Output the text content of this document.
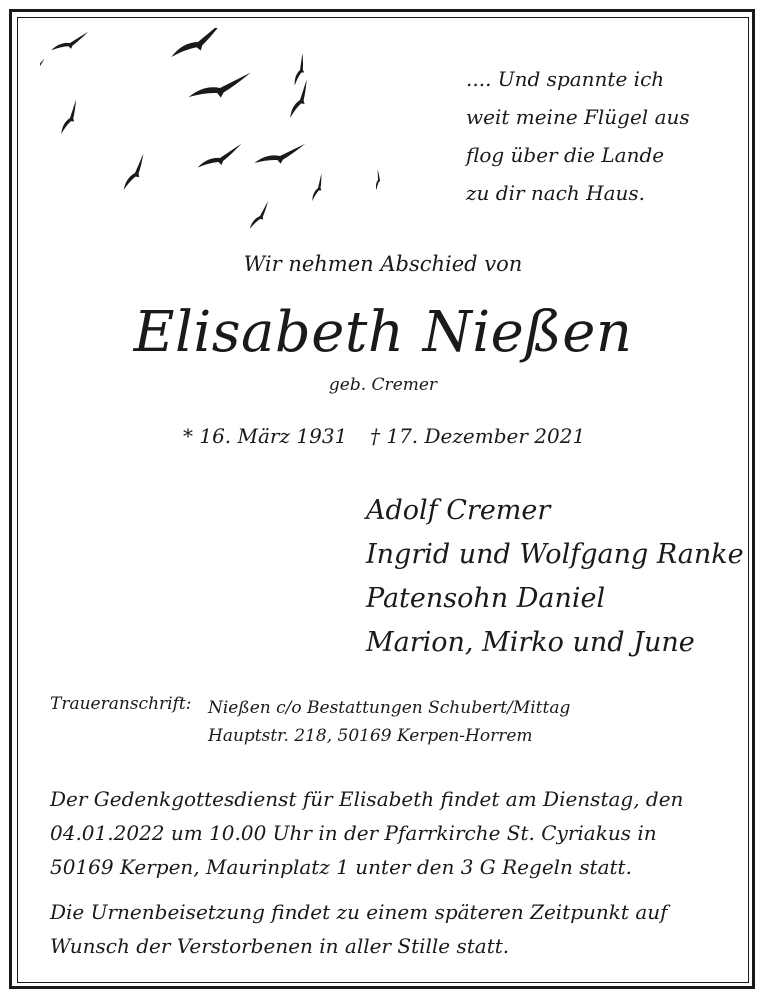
.... Und spannte ich
weit meine Flügel aus
flog über die Lande
zu dir nach Haus.
Wir nehmen Abschied von
Elisabeth Nießen
geb. Cremer
* 16. März 1931 † 17. Dezember 2021
Adolf Cremer
Ingrid und Wolfgang Ranke
Patensohn Daniel
Marion, Mirko und June
Traueranschrift: Nießen c/o Bestattungen Schubert/Mittag
Hauptstr. 218, 50169 Kerpen-Horrem
Der Gedenkgottesdienst für Elisabeth findet am Dienstag, den
04.01.2022 um 10.00 Uhr in der Pfarrkirche St. Cyriakus in
50169 Kerpen, Maurinplatz 1 unter den 3 G Regeln statt.
Die Urnenbeisetzung findet zu einem späteren Zeitpunkt auf
Wunsch der Verstorbenen in aller Stille statt.
